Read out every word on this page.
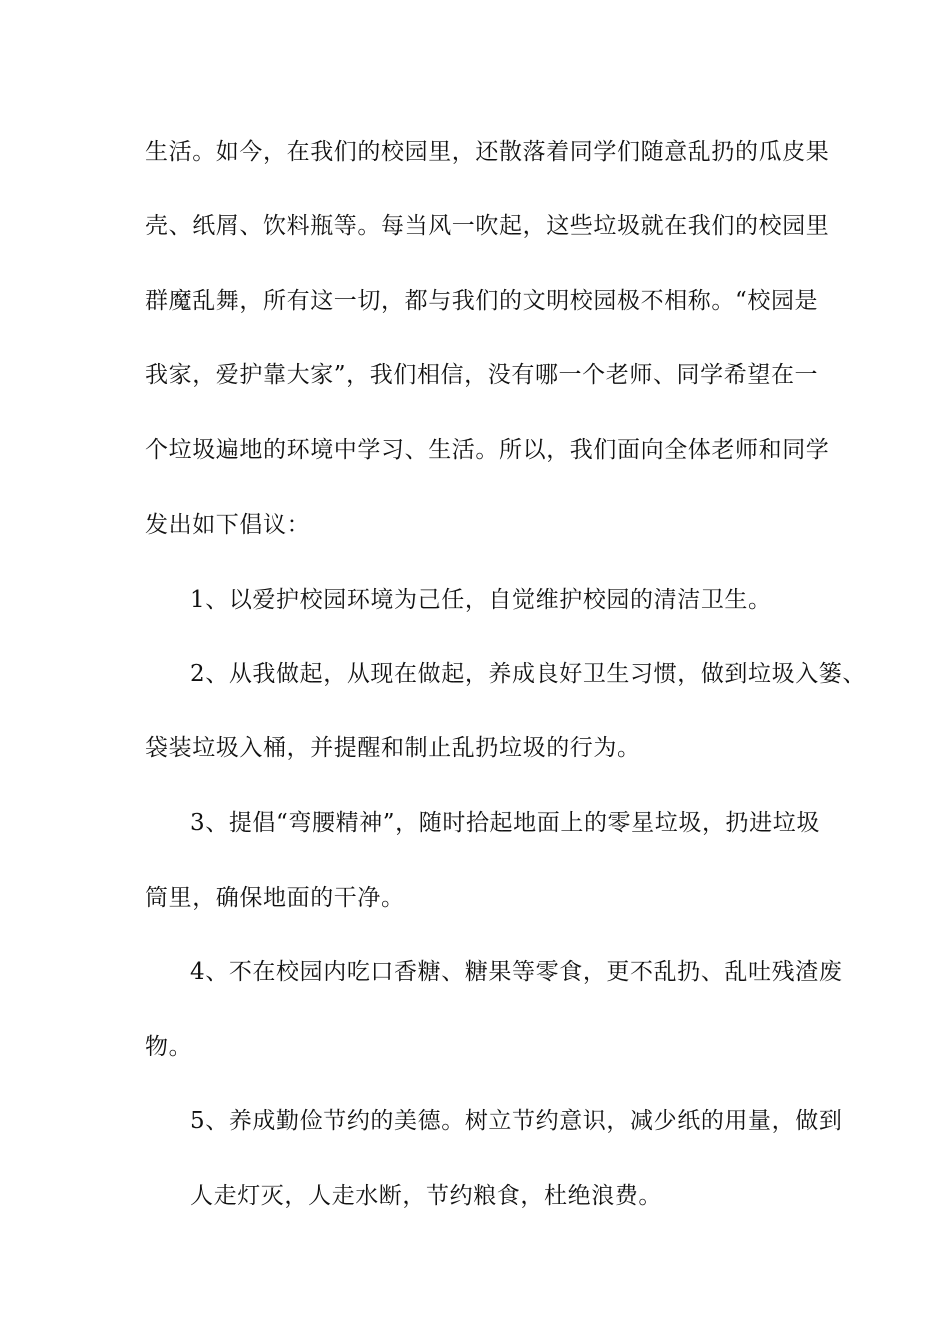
生活。如今，在我们的校园里，还散落着同学们随意乱扔的瓜皮果
壳、纸屑、饮料瓶等。每当风一吹起，这些垃圾就在我们的校园里
群魔乱舞，所有这一切，都与我们的文明校园极不相称。“校园是
我家，爱护靠大家”，我们相信，没有哪一个老师、同学希望在一
个垃圾遍地的环境中学习、生活。所以，我们面向全体老师和同学
发出如下倡议：
1、以爱护校园环境为己任，自觉维护校园的清洁卫生。
2、从我做起，从现在做起，养成良好卫生习惯，做到垃圾入篓、
袋装垃圾入桶，并提醒和制止乱扔垃圾的行为。
3、提倡“弯腰精神”，随时拾起地面上的零星垃圾，扔进垃圾
筒里，确保地面的干净。
4、不在校园内吃口香糖、糖果等零食，更不乱扔、乱吐残渣废
物。
5、养成勤俭节约的美德。树立节约意识，减少纸的用量，做到
人走灯灭，人走水断，节约粮食，杜绝浪费。
